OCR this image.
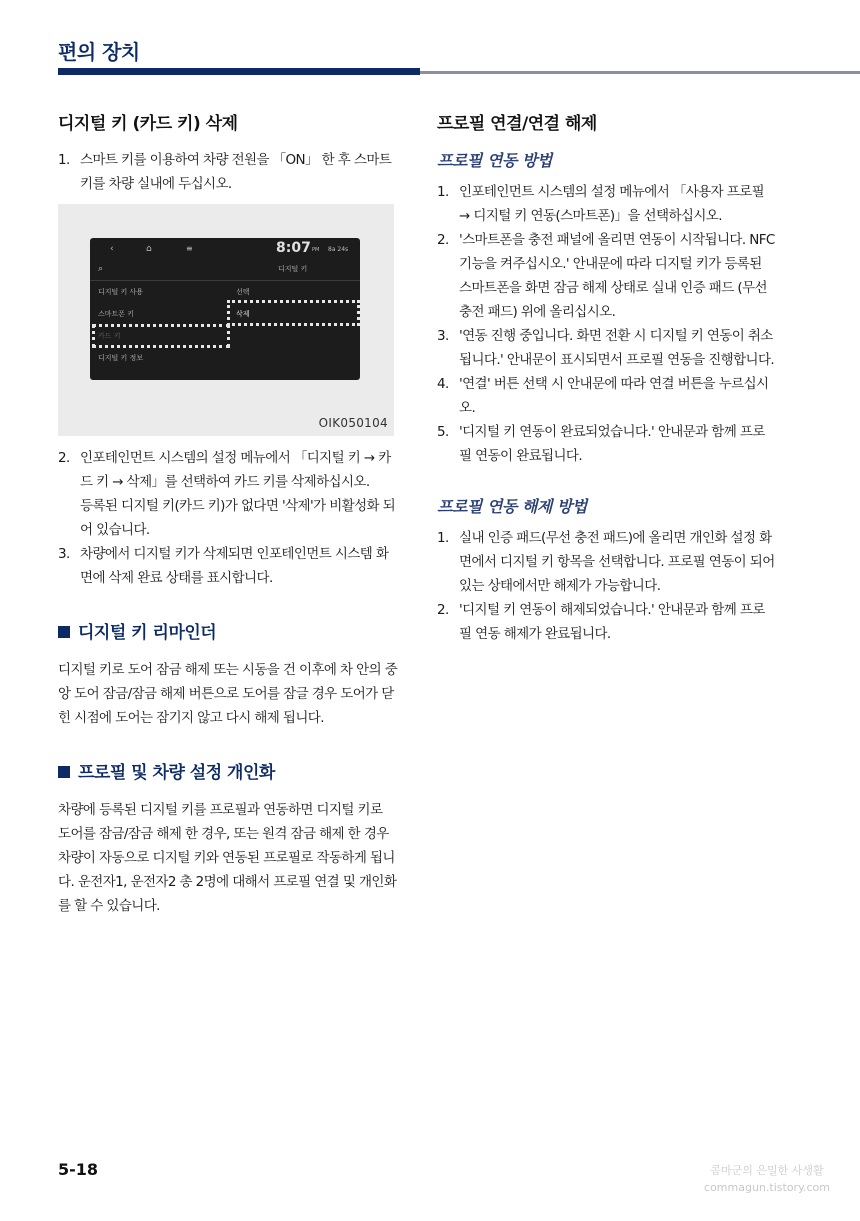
편의 장치
디지털 키 (카드 키) 삭제
1. 스마트 키를 이용하여 차량 전원을 「ON」 한 후 스마트 키를 차량 실내에 두십시오.
‹	⌂	≡	8:07 PM 8a 24s
⌕	디지털 키
디지털 키 사용	선택
스마트폰 키	삭제
카드 키
디지털 키 정보
OIK050104
2. 인포테인먼트 시스템의 설정 메뉴에서 「디지털 키 → 카드 키 → 삭제」를 선택하여 카드 키를 삭제하십시오.
등록된 디지털 키(카드 키)가 없다면 '삭제'가 비활성화 되어 있습니다.
3. 차량에서 디지털 키가 삭제되면 인포테인먼트 시스템 화면에 삭제 완료 상태를 표시합니다.
디지털 키 리마인더

디지털 키로 도어 잠금 해제 또는 시동을 건 이후에 차 안의 중앙 도어 잠금/잠금 해제 버튼으로 도어를 잠글 경우 도어가 닫힌 시점에 도어는 잠기지 않고 다시 해제 됩니다.

프로필 및 차량 설정 개인화

차량에 등록된 디지털 키를 프로필과 연동하면 디지털 키로 도어를 잠금/잠금 해제 한 경우, 또는 원격 잠금 해제 한 경우 차량이 자동으로 디지털 키와 연동된 프로필로 작동하게 됩니다. 운전자1, 운전자2 총 2명에 대해서 프로필 연결 및 개인화를 할 수 있습니다.

프로필 연결/연결 해제
프로필 연동 방법
1. 인포테인먼트 시스템의 설정 메뉴에서 「사용자 프로필 → 디지털 키 연동(스마트폰)」을 선택하십시오.
2. '스마트폰을 충전 패널에 올리면 연동이 시작됩니다. NFC 기능을 켜주십시오.' 안내문에 따라 디지털 키가 등록된 스마트폰을 화면 잠금 해제 상태로 실내 인증 패드 (무선 충전 패드) 위에 올리십시오.
3. '연동 진행 중입니다. 화면 전환 시 디지털 키 연동이 취소됩니다.' 안내문이 표시되면서 프로필 연동을 진행합니다.
4. '연결' 버튼 선택 시 안내문에 따라 연결 버튼을 누르십시오.
5. '디지털 키 연동이 완료되었습니다.' 안내문과 함께 프로필 연동이 완료됩니다.
프로필 연동 해제 방법
1. 실내 인증 패드(무선 충전 패드)에 올리면 개인화 설정 화면에서 디지털 키 항목을 선택합니다. 프로필 연동이 되어 있는 상태에서만 해제가 가능합니다.
2. '디지털 키 연동이 해제되었습니다.' 안내문과 함께 프로필 연동 해제가 완료됩니다.
5-18	콤마군의 은밀한 사생활
commagun.tistory.com
